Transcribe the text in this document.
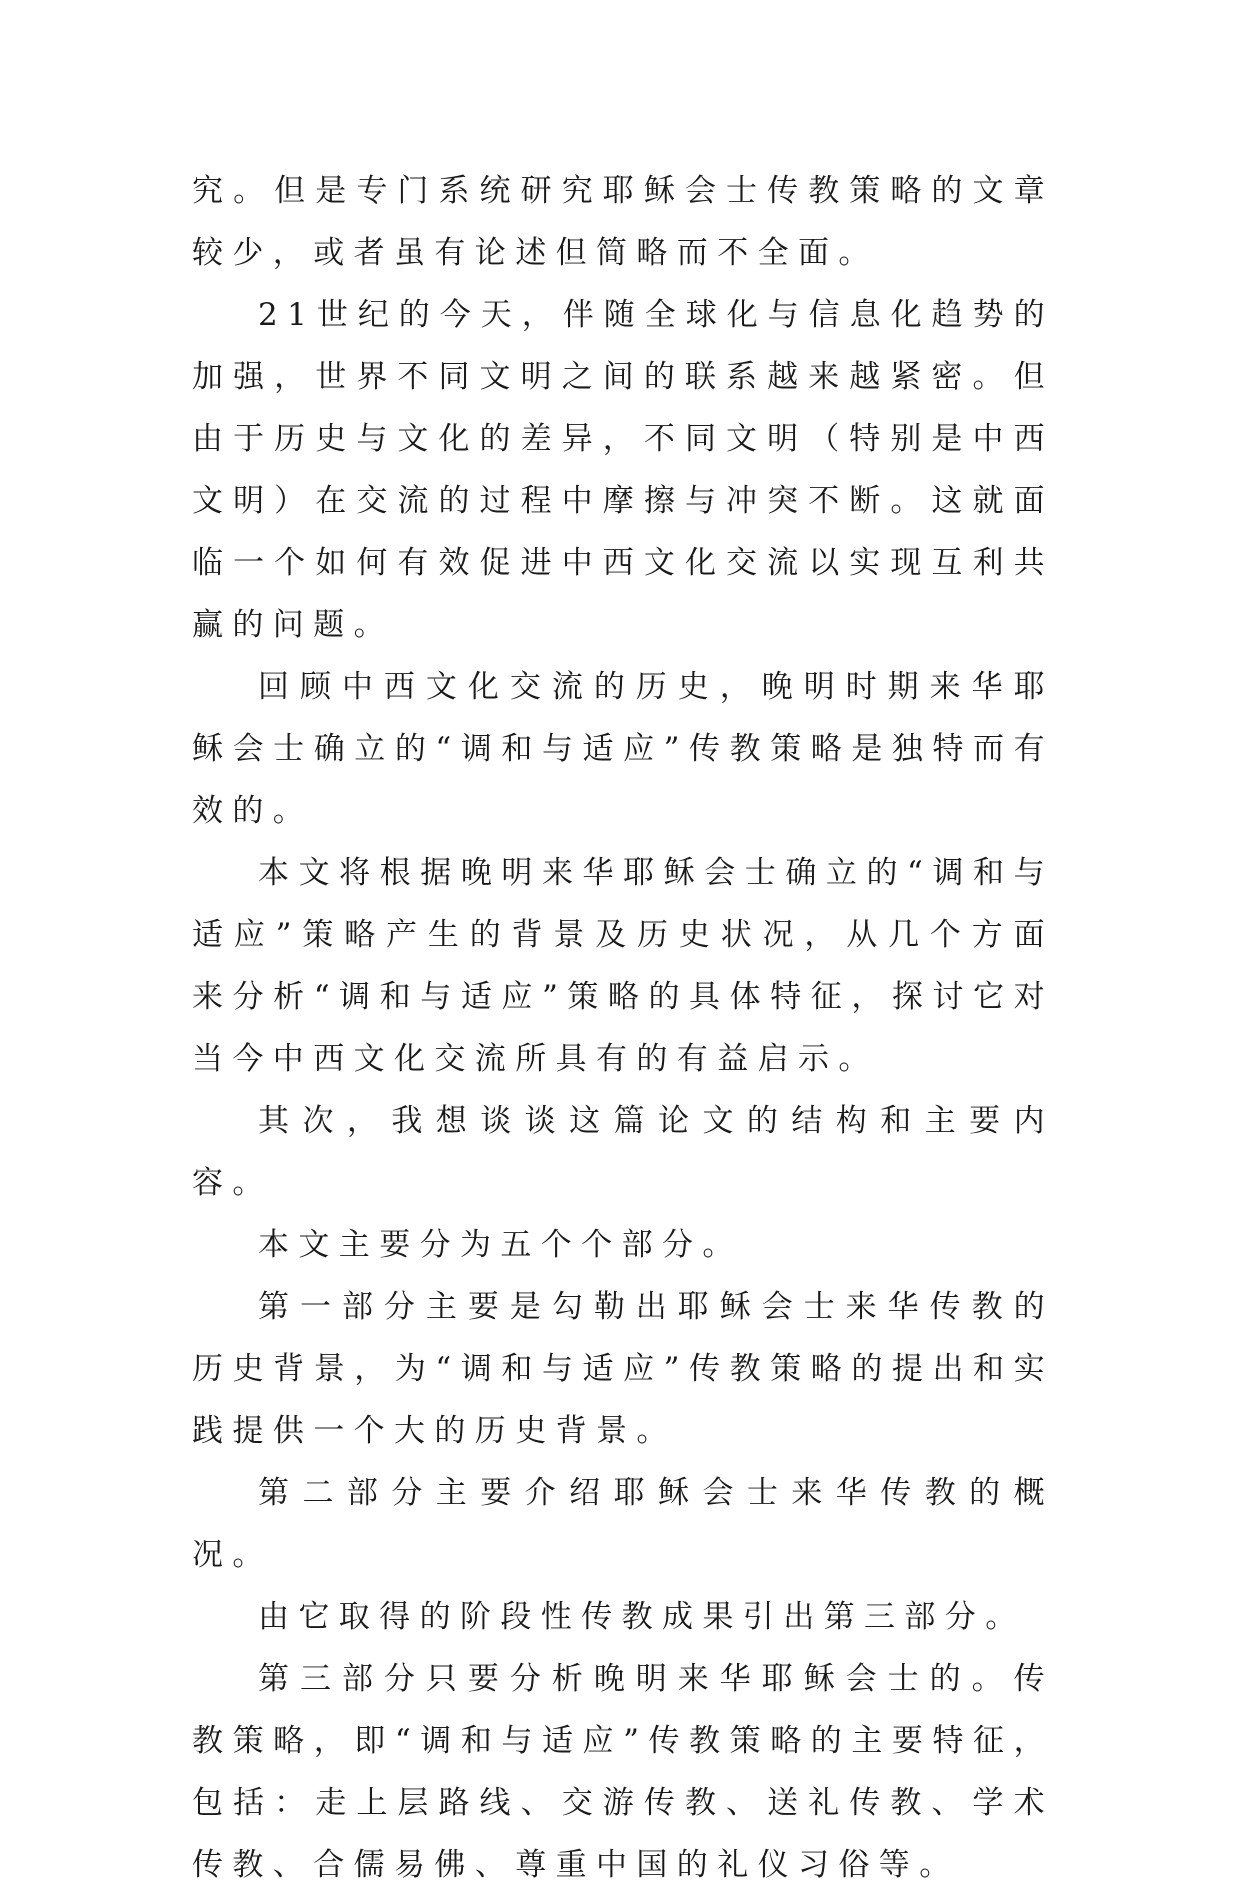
究。但是专门系统研究耶稣会士传教策略的文章较少，或者虽有论述但简略而不全面。

21世纪的今天，伴随全球化与信息化趋势的加强，世界不同文明之间的联系越来越紧密。但由于历史与文化的差异，不同文明（特别是中西文明）在交流的过程中摩擦与冲突不断。这就面临一个如何有效促进中西文化交流以实现互利共赢的问题。

回顾中西文化交流的历史，晚明时期来华耶稣会士确立的“调和与适应”传教策略是独特而有效的。

本文将根据晚明来华耶稣会士确立的“调和与适应”策略产生的背景及历史状况，从几个方面来分析“调和与适应”策略的具体特征，探讨它对当今中西文化交流所具有的有益启示。

其次，我想谈谈这篇论文的结构和主要内容。

本文主要分为五个个部分。

第一部分主要是勾勒出耶稣会士来华传教的历史背景，为“调和与适应”传教策略的提出和实践提供一个大的历史背景。

第二部分主要介绍耶稣会士来华传教的概况。

由它取得的阶段性传教成果引出第三部分。

第三部分只要分析晚明来华耶稣会士的。传教策略，即“调和与适应”传教策略的主要特征，包括：走上层路线、交游传教、送礼传教、学术传教、合儒易佛、尊重中国的礼仪习俗等。
